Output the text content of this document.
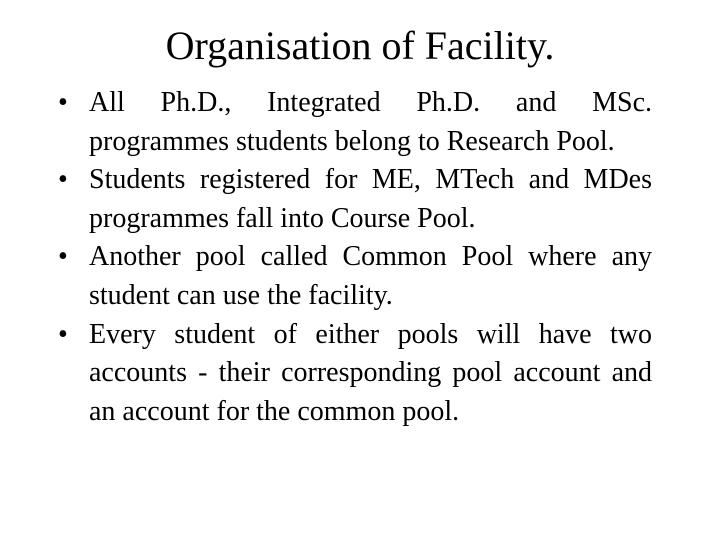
Organisation of Facility.
• All Ph.D., Integrated Ph.D. and MSc. programmes students belong to Research Pool.
• Students registered for ME, MTech and MDes programmes fall into Course Pool.
• Another pool called Common Pool where any student can use the facility.
• Every student of either pools will have two accounts - their corresponding pool account and an account for the common pool.
